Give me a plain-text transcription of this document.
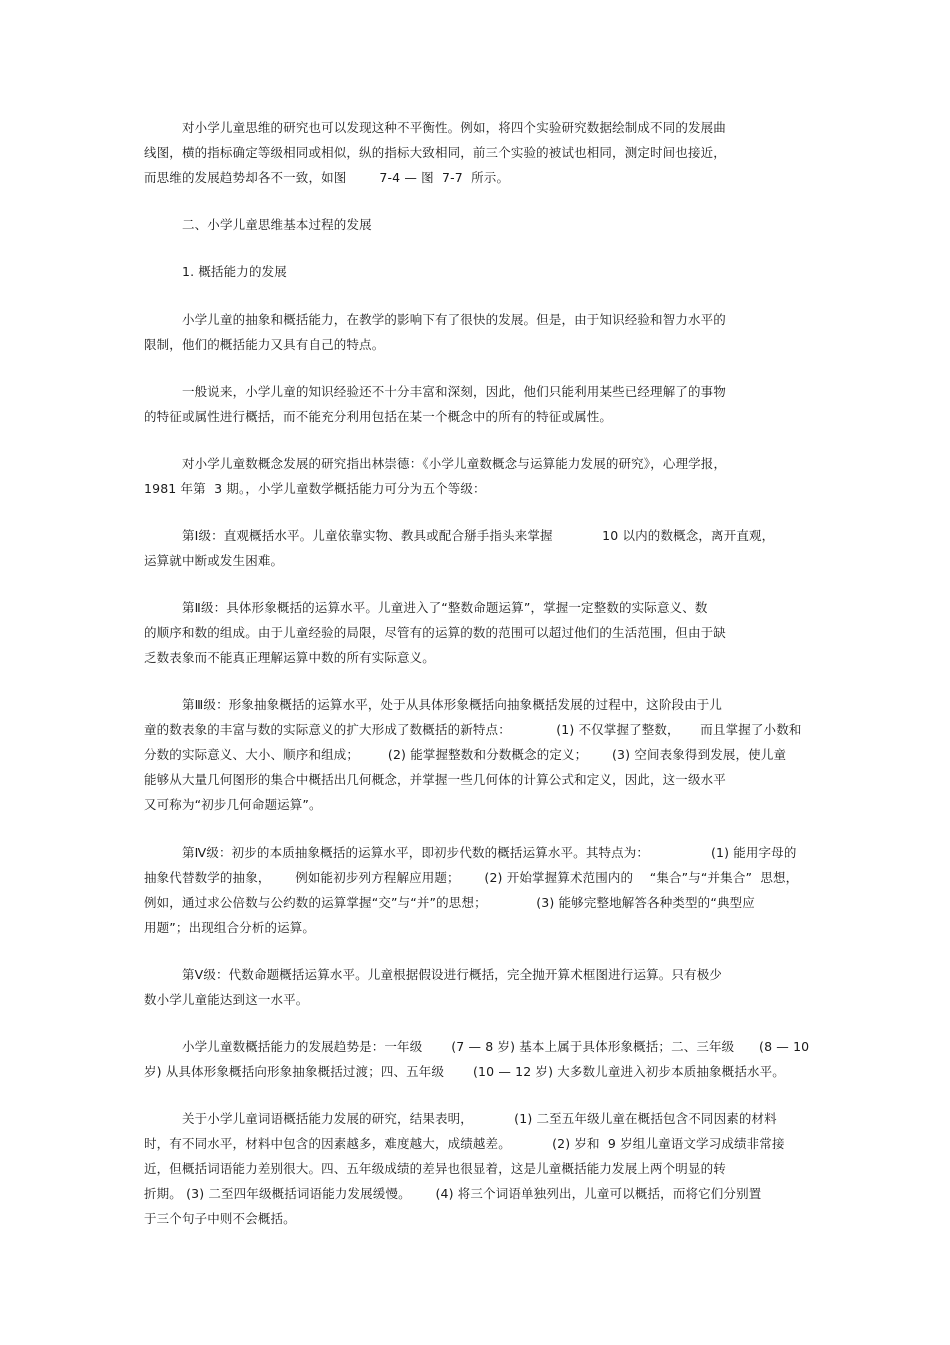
对小学儿童思维的研究也可以发现这种不平衡性。例如，将四个实验研究数据绘制成不同的发展曲
线图，横的指标确定等级相同或相似，纵的指标大致相同，前三个实验的被试也相同，测定时间也接近，
而思维的发展趋势却各不一致，如图        7-4 — 图  7-7  所示。
二、小学儿童思维基本过程的发展
1. 概括能力的发展
小学儿童的抽象和概括能力，在教学的影响下有了很快的发展。但是，由于知识经验和智力水平的
限制，他们的概括能力又具有自己的特点。
一般说来，小学儿童的知识经验还不十分丰富和深刻，因此，他们只能利用某些已经理解了的事物
的特征或属性进行概括，而不能充分利用包括在某一个概念中的所有的特征或属性。
对小学儿童数概念发展的研究指出林崇德：《小学儿童数概念与运算能力发展的研究》，心理学报，
1981 年第  3 期。，小学儿童数学概括能力可分为五个等级：
第Ⅰ级：直观概括水平。儿童依靠实物、教具或配合掰手指头来掌握            10 以内的数概念，离开直观，
运算就中断或发生困难。
第Ⅱ级：具体形象概括的运算水平。儿童进入了“整数命题运算”，掌握一定整数的实际意义、数
的顺序和数的组成。由于儿童经验的局限，尽管有的运算的数的范围可以超过他们的生活范围，但由于缺
乏数表象而不能真正理解运算中数的所有实际意义。
第Ⅲ级：形象抽象概括的运算水平，处于从具体形象概括向抽象概括发展的过程中，这阶段由于儿
童的数表象的丰富与数的实际意义的扩大形成了数概括的新特点：           (1) 不仅掌握了整数，     而且掌握了小数和
分数的实际意义、大小、顺序和组成；       (2) 能掌握整数和分数概念的定义；      (3) 空间表象得到发展，使儿童
能够从大量几何图形的集合中概括出几何概念，并掌握一些几何体的计算公式和定义，因此，这一级水平
又可称为“初步几何命题运算”。
第Ⅳ级：初步的本质抽象概括的运算水平，即初步代数的概括运算水平。其特点为：               (1) 能用字母的
抽象代替数学的抽象，      例如能初步列方程解应用题；      (2) 开始掌握算术范围内的    “集合”与“并集合”  思想，
例如，通过求公倍数与公约数的运算掌握“交”与“并”的思想；            (3) 能够完整地解答各种类型的“典型应
用题”；出现组合分析的运算。
第Ⅴ级：代数命题概括运算水平。儿童根据假设进行概括，完全抛开算术框图进行运算。只有极少
数小学儿童能达到这一水平。
小学儿童数概括能力的发展趋势是：一年级       (7 — 8 岁) 基本上属于具体形象概括；二、三年级      (8 — 10
岁) 从具体形象概括向形象抽象概括过渡；四、五年级       (10 — 12 岁) 大多数儿童进入初步本质抽象概括水平。
关于小学儿童词语概括能力发展的研究，结果表明，          (1) 二至五年级儿童在概括包含不同因素的材料
时，有不同水平，材料中包含的因素越多，难度越大，成绩越差。          (2) 岁和  9 岁组儿童语文学习成绩非常接
近，但概括词语能力差别很大。四、五年级成绩的差异也很显着，这是儿童概括能力发展上两个明显的转
折期。 (3) 二至四年级概括词语能力发展缓慢。      (4) 将三个词语单独列出，儿童可以概括，而将它们分别置
于三个句子中则不会概括。
